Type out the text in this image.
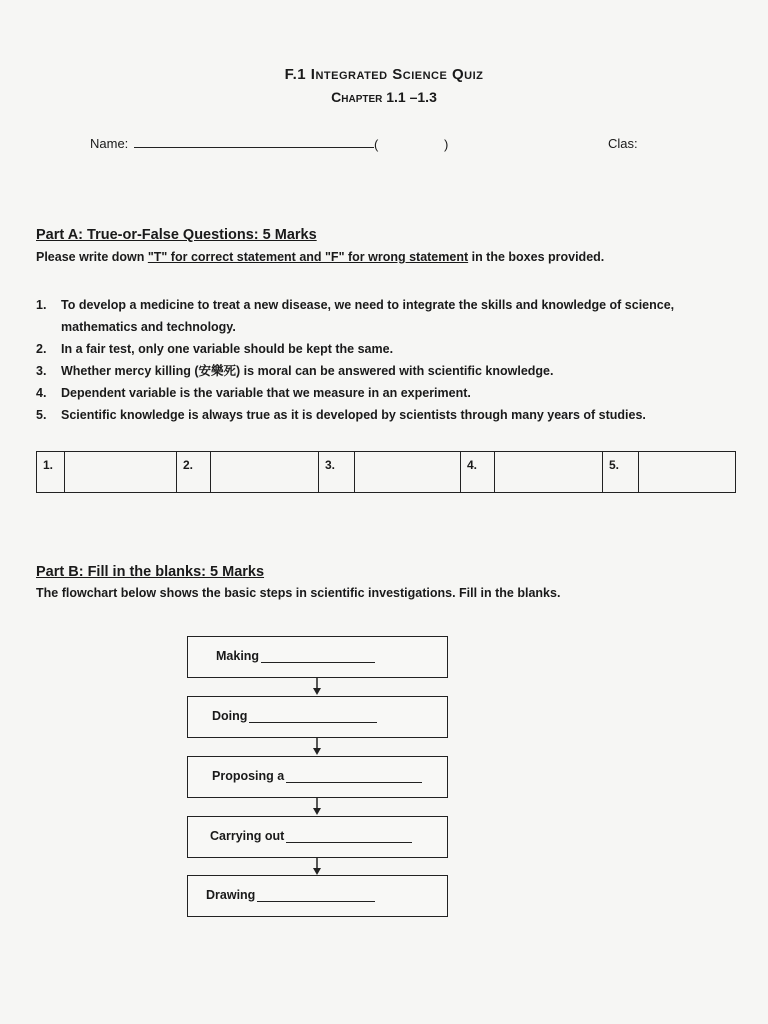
F.1 Integrated Science Quiz
Chapter 1.1 –1.3
Name:	(	)	Clas:
Part A: True-or-False Questions: 5 Marks
Please write down "T" for correct statement and "F" for wrong statement in the boxes provided.
1. To develop a medicine to treat a new disease, we need to integrate the skills and knowledge of science, mathematics and technology.
2. In a fair test, only one variable should be kept the same.
3. Whether mercy killing (安樂死) is moral can be answered with scientific knowledge.
4. Dependent variable is the variable that we measure in an experiment.
5. Scientific knowledge is always true as it is developed by scientists through many years of studies.
1.	2.	3.	4.	5.
Part B: Fill in the blanks: 5 Marks
The flowchart below shows the basic steps in scientific investigations. Fill in the blanks.
Making
Doing
Proposing a
Carrying out
Drawing
